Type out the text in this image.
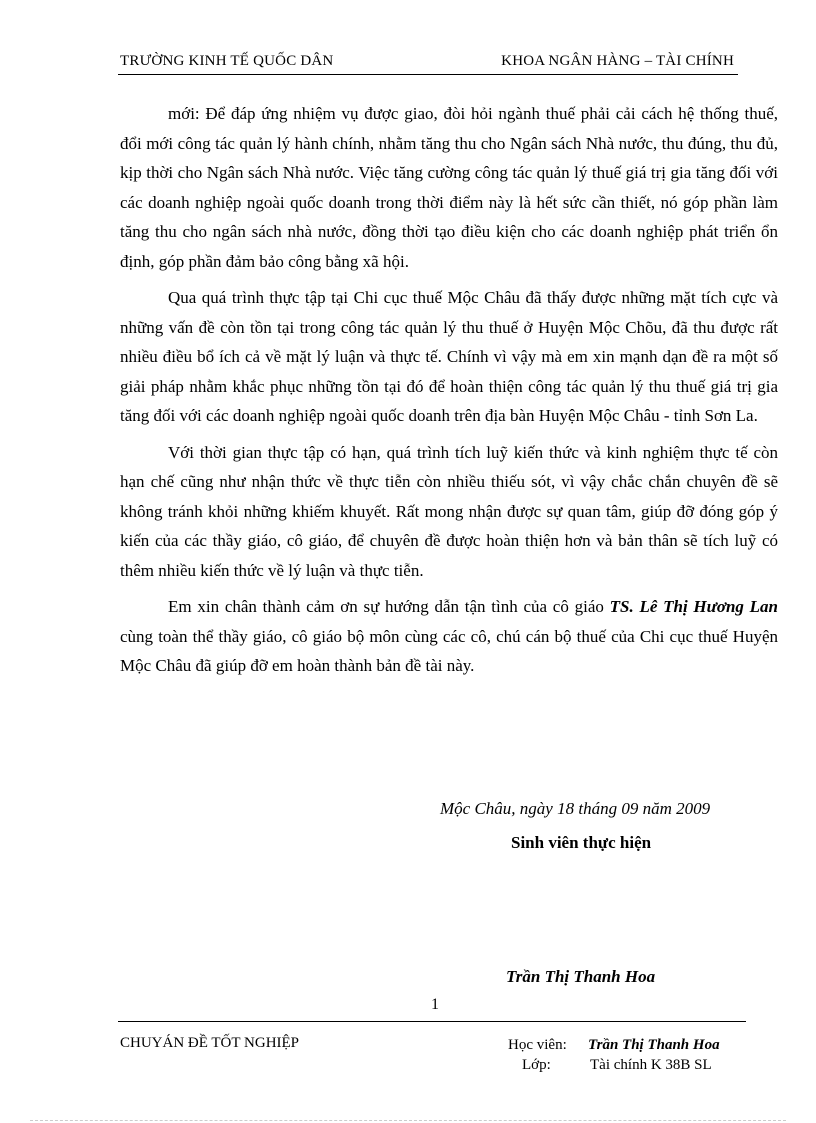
TRƯỜNG KINH TẾ QUỐC DÂN	KHOA NGÂN HÀNG – TÀI CHÍNH

mới: Để đáp ứng nhiệm vụ được giao, đòi hỏi ngành thuế phải cải cách hệ thống thuế, đổi mới công tác quản lý hành chính, nhằm tăng thu cho Ngân sách Nhà nước, thu đúng, thu đủ, kịp thời cho Ngân sách Nhà nước. Việc tăng cường công tác quản lý thuế giá trị gia tăng đối với các doanh nghiệp ngoài quốc doanh trong thời điểm này là hết sức cần thiết, nó góp phần làm tăng thu cho ngân sách nhà nước, đồng thời tạo điều kiện cho các doanh nghiệp phát triển ổn định, góp phần đảm bảo công bằng xã hội.

Qua quá trình thực tập tại Chi cục thuế Mộc Châu đã thấy được những mặt tích cực và những vấn đề còn tồn tại trong công tác quản lý thu thuế ở Huyện Mộc Chõu, đã thu được rất nhiều điều bổ ích cả về mặt lý luận và thực tế. Chính vì vậy mà em xin mạnh dạn đề ra một số giải pháp nhằm khắc phục những tồn tại đó để hoàn thiện công tác quản lý thu thuế giá trị gia tăng đối với các doanh nghiệp ngoài quốc doanh trên địa bàn Huyện Mộc Châu - tỉnh Sơn La.

Với thời gian thực tập có hạn, quá trình tích luỹ kiến thức và kinh nghiệm thực tế còn hạn chế cũng như nhận thức về thực tiễn còn nhiều thiếu sót, vì vậy chắc chắn chuyên đề sẽ không tránh khỏi những khiếm khuyết. Rất mong nhận được sự quan tâm, giúp đỡ đóng góp ý kiến của các thầy giáo, cô giáo, để chuyên đề được hoàn thiện hơn và bản thân sẽ tích luỹ có thêm nhiều kiến thức về lý luận và thực tiễn.

Em xin chân thành cảm ơn sự hướng dẫn tận tình của cô giáo TS. Lê Thị Hương Lan cùng toàn thể thầy giáo, cô giáo bộ môn cùng các cô, chú cán bộ thuế của Chi cục thuế Huyện Mộc Châu đã giúp đỡ em hoàn thành bản đề tài này.

Mộc Châu, ngày 18 tháng 09 năm 2009
Sinh viên thực hiện
Trần Thị Thanh Hoa
1
CHUYÁN ĐỀ TỐT NGHIỆP	Học viên: Trần Thị Thanh Hoa
Lớp:	Tài chính K 38B SL
